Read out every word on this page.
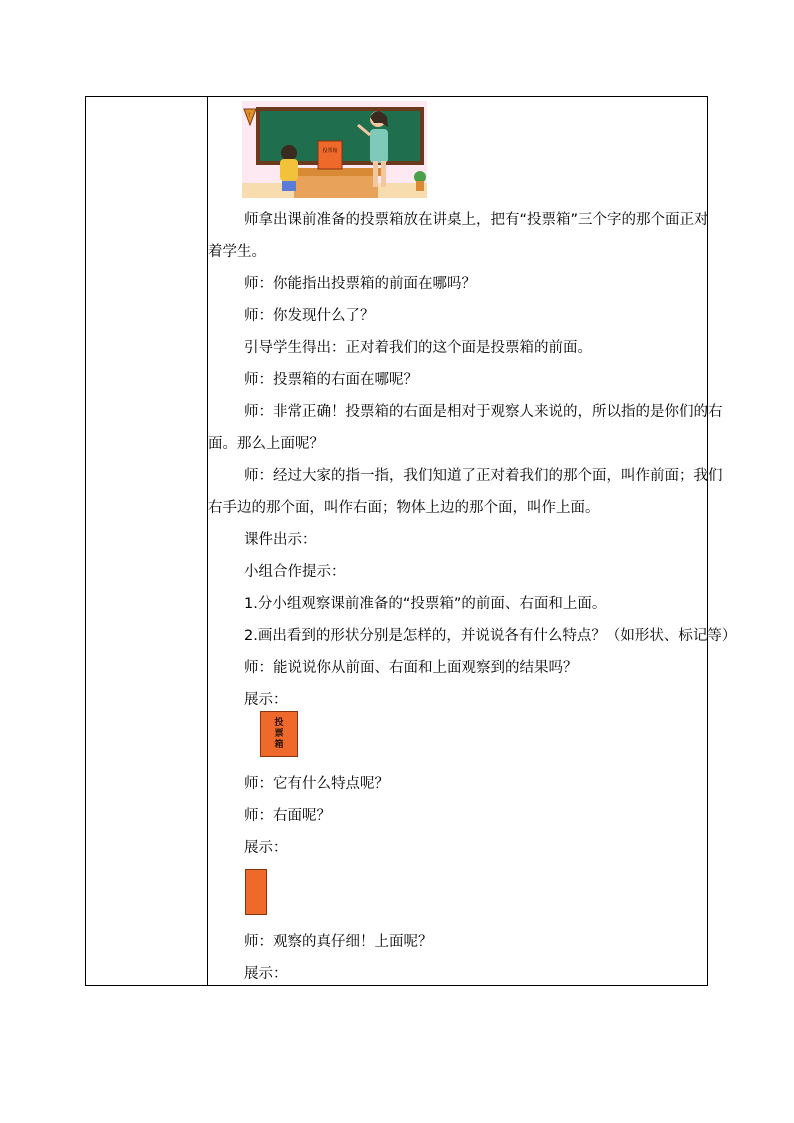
!
投票箱
师拿出课前准备的投票箱放在讲桌上，把有“投票箱”三个字的那个面正对
着学生。
师：你能指出投票箱的前面在哪吗？
师：你发现什么了？
引导学生得出：正对着我们的这个面是投票箱的前面。
师：投票箱的右面在哪呢？
师：非常正确！投票箱的右面是相对于观察人来说的，所以指的是你们的右
面。那么上面呢？
师：经过大家的指一指，我们知道了正对着我们的那个面，叫作前面；我们
右手边的那个面，叫作右面；物体上边的那个面，叫作上面。
课件出示：
小组合作提示：
1.分小组观察课前准备的“投票箱”的前面、右面和上面。
2.画出看到的形状分别是怎样的，并说说各有什么特点？（如形状、标记等）
师：能说说你从前面、右面和上面观察到的结果吗？
展示：
投
票
箱
师：它有什么特点呢？
师：右面呢？
展示：
师：观察的真仔细！上面呢？
展示：
